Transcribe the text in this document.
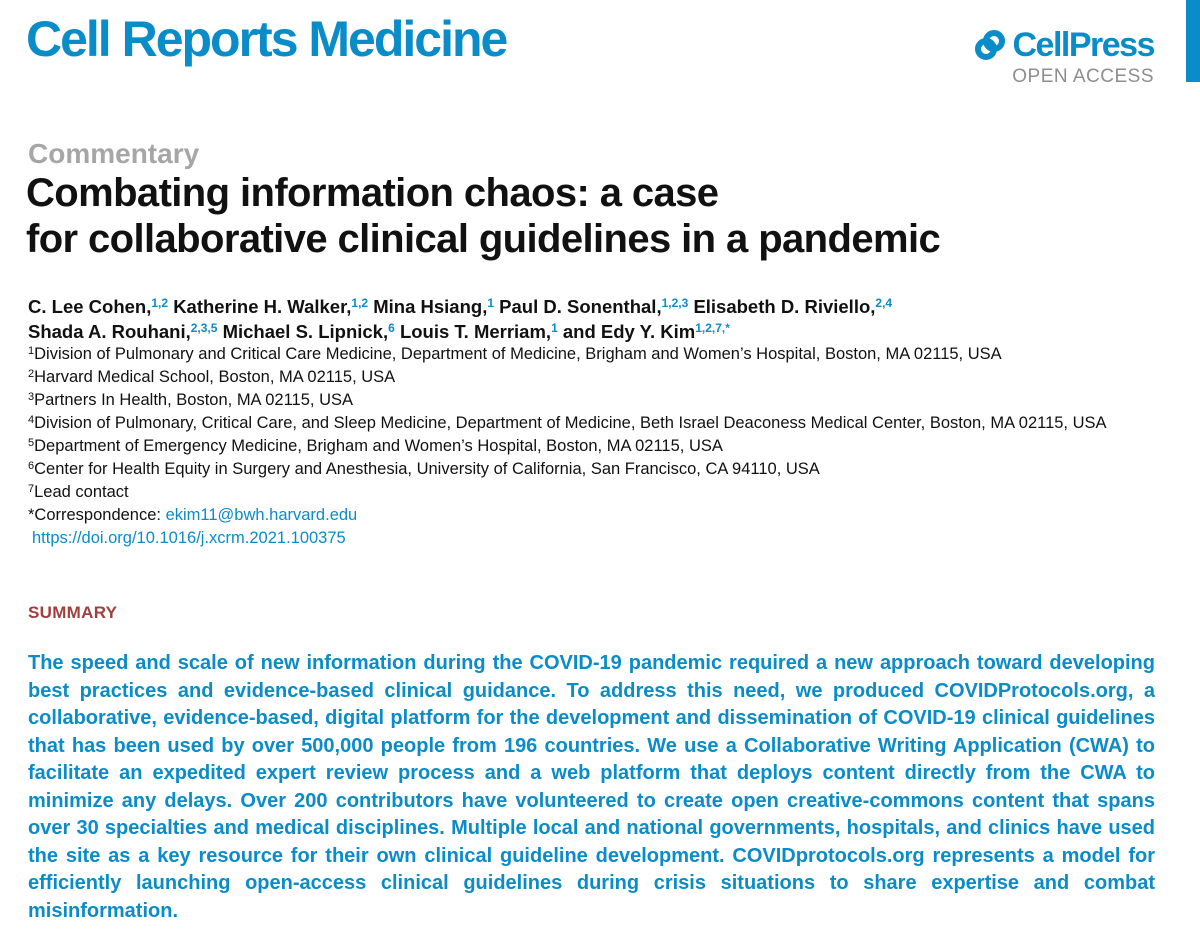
Cell Reports Medicine	CellPress
OPEN ACCESS
Commentary
Combating information chaos: a case
for collaborative clinical guidelines in a pandemic
C. Lee Cohen,$^{1,2}$ Katherine H. Walker,$^{1,2}$ Mina Hsiang,$^1$ Paul D. Sonenthal,$^{1,2,3}$ Elisabeth D. Riviello,$^{2,4}$
Shada A. Rouhani,$^{2,3,5}$ Michael S. Lipnick,$^6$ Louis T. Merriam,$^1$ and Edy Y. Kim$^{1,2,7,*}$
$^1$Division of Pulmonary and Critical Care Medicine, Department of Medicine, Brigham and Women’s Hospital, Boston, MA 02115, USA
$^2$Harvard Medical School, Boston, MA 02115, USA
$^3$Partners In Health, Boston, MA 02115, USA
$^4$Division of Pulmonary, Critical Care, and Sleep Medicine, Department of Medicine, Beth Israel Deaconess Medical Center, Boston, MA 02115, USA
$^5$Department of Emergency Medicine, Brigham and Women’s Hospital, Boston, MA 02115, USA
$^6$Center for Health Equity in Surgery and Anesthesia, University of California, San Francisco, CA 94110, USA
$^7$Lead contact
*Correspondence: ekim11@bwh.harvard.edu
https://doi.org/10.1016/j.xcrm.2021.100375
SUMMARY

The speed and scale of new information during the COVID-19 pandemic required a new approach toward developing best practices and evidence-based clinical guidance. To address this need, we produced COVIDProtocols.org, a collaborative, evidence-based, digital platform for the development and dissemination of COVID-19 clinical guidelines that has been used by over 500,000 people from 196 countries. We use a Collaborative Writing Application (CWA) to facilitate an expedited expert review process and a web platform that deploys content directly from the CWA to minimize any delays. Over 200 contributors have volunteered to create open creative-commons content that spans over 30 specialties and medical disciplines. Multiple local and national governments, hospitals, and clinics have used the site as a key resource for their own clinical guideline development. COVIDprotocols.org represents a model for efficiently launching open-access clinical guidelines during crisis situations to share expertise and combat misinformation.
